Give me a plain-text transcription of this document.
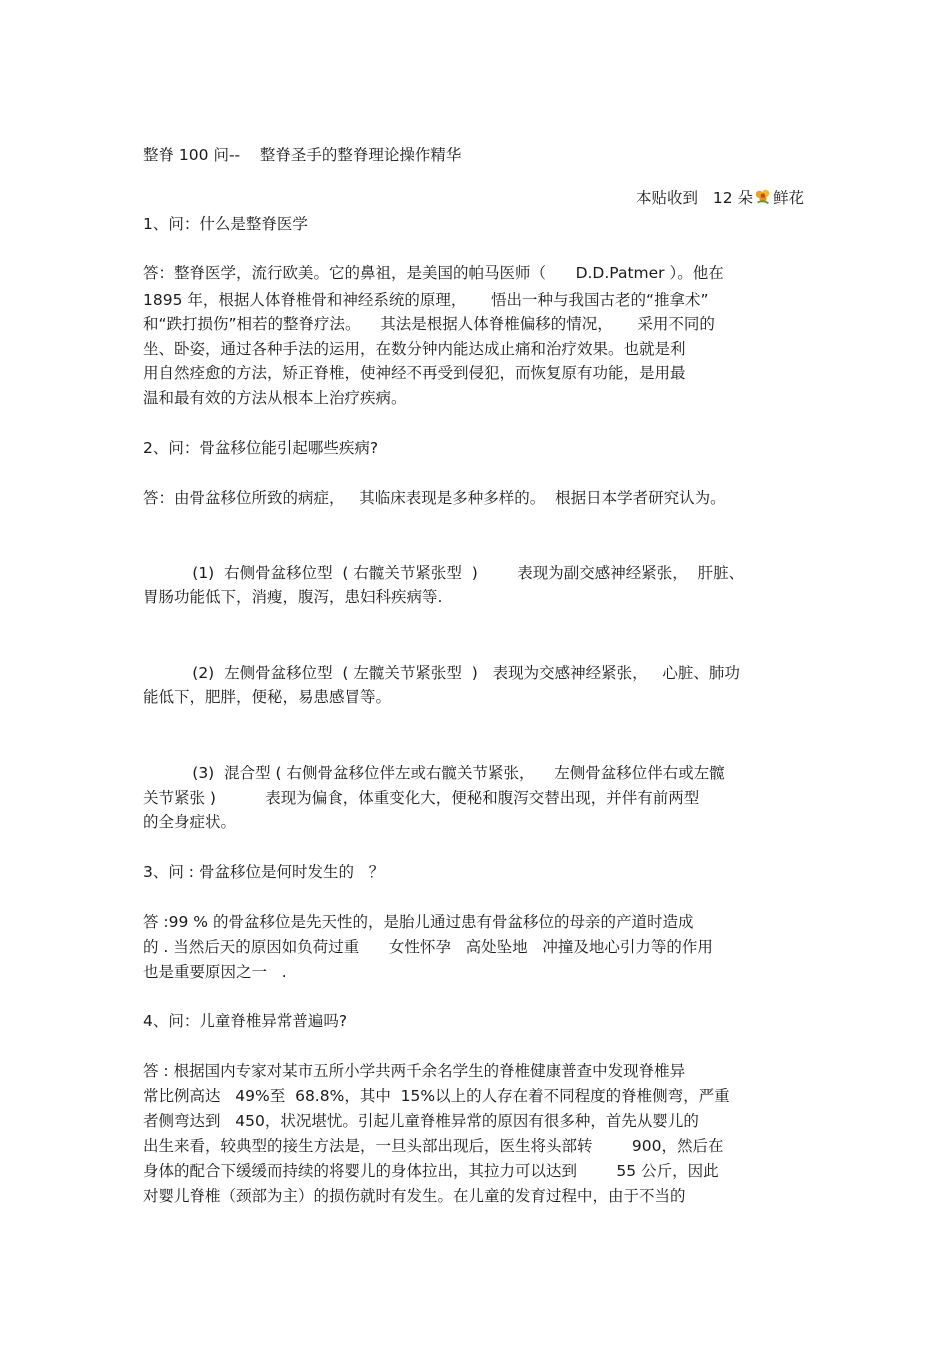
整脊 100 问--    整脊圣手的整脊理论操作精华
本贴收到   12 朵 鲜花
1、问：什么是整脊医学
答：整脊医学，流行欧美。它的鼻祖，是美国的帕马医师（      D.D.Patmer ）。他在
1895 年，根据人体脊椎骨和神经系统的原理，     悟出一种与我国古老的“推拿术”
和“跌打损伤”相若的整脊疗法。    其法是根据人体脊椎偏移的情况，     采用不同的
坐、卧姿，通过各种手法的运用，在数分钟内能达成止痛和治疗效果。也就是利
用自然痊愈的方法，矫正脊椎，使神经不再受到侵犯，而恢复原有功能，是用最
温和最有效的方法从根本上治疗疾病。
2、问：骨盆移位能引起哪些疾病?
答：由骨盆移位所致的病症，   其临床表现是多种多样的。  根据日本学者研究认为。
(1)  右侧骨盆移位型  ( 右髋关节紧张型  )        表现为副交感神经紧张，  肝脏、
胃肠功能低下，消瘦，腹泻，患妇科疾病等.
(2)  左侧骨盆移位型  ( 左髋关节紧张型  )   表现为交感神经紧张，   心脏、肺功
能低下，肥胖，便秘，易患感冒等。
(3)  混合型 ( 右侧骨盆移位伴左或右髋关节紧张，    左侧骨盆移位伴右或左髋
关节紧张 )          表现为偏食，体重变化大，便秘和腹泻交替出现，并伴有前两型
的全身症状。
3、问 : 骨盆移位是何时发生的   ？
答 :99 % 的骨盆移位是先天性的，是胎儿通过患有骨盆移位的母亲的产道时造成
的 . 当然后天的原因如负荷过重      女性怀孕   高处坠地   冲撞及地心引力等的作用
也是重要原因之一   .
4、问：儿童脊椎异常普遍吗?
答 : 根据国内专家对某市五所小学共两千余名学生的脊椎健康普查中发现脊椎异
常比例高达   49%至  68.8%，其中  15%以上的人存在着不同程度的脊椎侧弯，严重
者侧弯达到   450，状况堪忧。引起儿童脊椎异常的原因有很多种，首先从婴儿的
出生来看，较典型的接生方法是，一旦头部出现后，医生将头部转        900，然后在
身体的配合下缓缓而持续的将婴儿的身体拉出，其拉力可以达到        55 公斤，因此
对婴儿脊椎（颈部为主）的损伤就时有发生。在儿童的发育过程中，由于不当的
